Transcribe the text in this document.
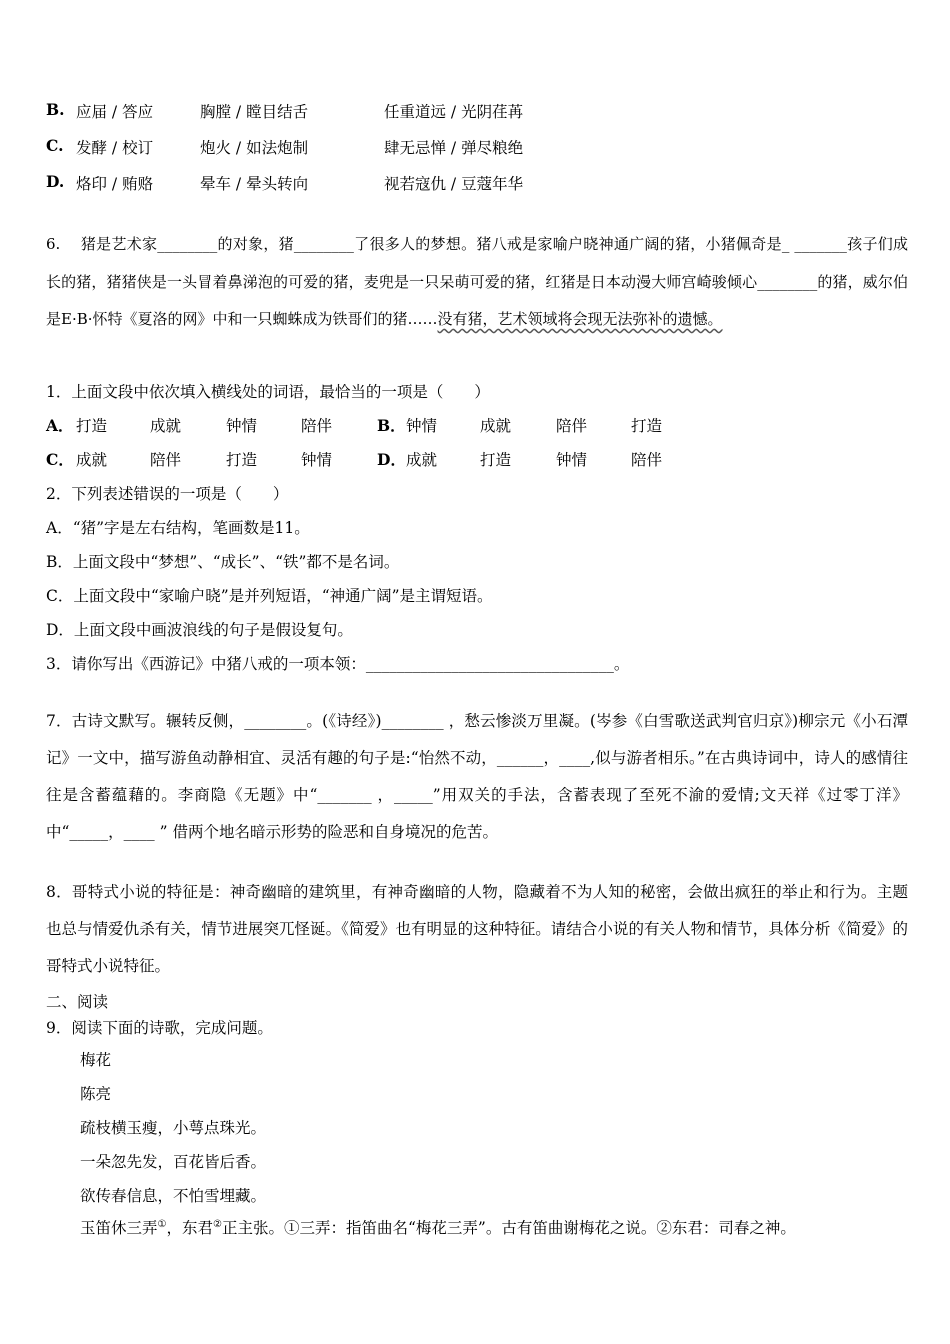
B. 应届 / 答应	胸膛 / 瞠目结舌	任重道远 / 光阴荏苒
C. 发酵 / 校订	炮火 / 如法炮制	肆无忌惮 / 弹尽粮绝
D. 烙印 / 贿赂	晕车 / 晕头转向	视若寇仇 / 豆蔻年华
6.　 猪是艺术家________的对象，猪________了很多人的梦想。猪八戒是家喻户晓神通广阔的猪，小猪佩奇是_ _______孩子们成长的猪，猪猪侠是一头冒着鼻涕泡的可爱的猪，麦兜是一只呆萌可爱的猪，红猪是日本动漫大师宫崎骏倾心________的猪，威尔伯是E·B·怀特《夏洛的网》中和一只蜘蛛成为铁哥们的猪……没有猪，艺术领域将会现无法弥补的遗憾。
1．上面文段中依次填入横线处的词语，最恰当的一项是（　　）
A． 打造	成就	钟情	陪伴	B． 钟情	成就	陪伴	打造
C． 成就	陪伴	打造	钟情	D． 成就	打造	钟情	陪伴
2．下列表述错误的一项是（　　）
A．“猪”字是左右结构，笔画数是11。
B．上面文段中“梦想”、“成长”、“铁”都不是名词。
C．上面文段中“家喻户晓”是并列短语，“神通广阔”是主谓短语。
D．上面文段中画波浪线的句子是假设复句。
3．请你写出《西游记》中猪八戒的一项本领：________________________________。
7．古诗文默写。辗转反侧，________。(《诗经》)________ ，愁云惨淡万里凝。(岑参《白雪歌送武判官归京》)柳宗元《小石潭记》一文中，描写游鱼动静相宜、灵活有趣的句子是:“怡然不动，______，____,似与游者相乐。”在古典诗词中，诗人的感情往往是含蓄蕴藉的。李商隐《无题》中“_______ ，_____”用双关的手法，含蓄表现了至死不渝的爱情;文天祥《过零丁洋》中“_____，____ ” 借两个地名暗示形势的险恶和自身境况的危苦。
8．哥特式小说的特征是：神奇幽暗的建筑里，有神奇幽暗的人物，隐藏着不为人知的秘密，会做出疯狂的举止和行为。主题也总与情爱仇杀有关，情节进展突兀怪诞。《简爱》也有明显的这种特征。请结合小说的有关人物和情节，具体分析《简爱》的哥特式小说特征。
二、阅读
9．阅读下面的诗歌，完成问题。
梅花
陈亮
疏枝横玉瘦，小萼点珠光。
一朵忽先发，百花皆后香。
欲传春信息，不怕雪埋藏。
玉笛休三弄①，东君②正主张。①三弄：指笛曲名“梅花三弄”。古有笛曲谢梅花之说。②东君：司春之神。
